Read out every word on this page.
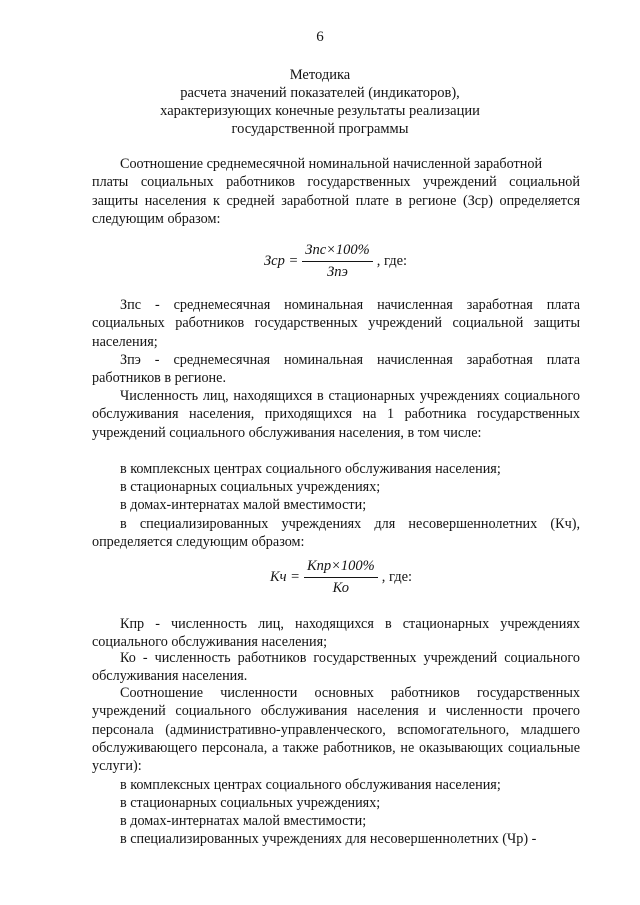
6
Методика
расчета значений показателей (индикаторов),
характеризующих конечные результаты реализации
государственной программы
Соотношение среднемесячной номинальной начисленной заработной
платы социальных работников государственных учреждений социальной защиты населения к средней заработной плате в регионе (Зср) определяется следующим образом:
Зср = $\frac{\text{Зпс×100\%}}{\text{Зпэ}}$ , где:
Зпс - среднемесячная номинальная начисленная заработная плата социальных работников государственных учреждений социальной защиты населения;
Зпэ - среднемесячная номинальная начисленная заработная плата работников в регионе.
Численность лиц, находящихся в стационарных учреждениях социального обслуживания населения, приходящихся на 1 работника государственных учреждений социального обслуживания населения, в том числе:
в комплексных центрах социального обслуживания населения;
в стационарных социальных учреждениях;
в домах-интернатах малой вместимости;
в специализированных учреждениях для несовершеннолетних (Кч), определяется следующим образом:
Кч = $\frac{\text{Кпр×100\%}}{Ко}$ , где:
Кпр - численность лиц, находящихся в стационарных учреждениях социального обслуживания населения;
Ко - численность работников государственных учреждений социального обслуживания населения.
Соотношение численности основных работников государственных учреждений социального обслуживания населения и численности прочего персонала (административно-управленческого, вспомогательного, младшего обслуживающего персонала, а также работников, не оказывающих социальные услуги):
в комплексных центрах социального обслуживания населения;
в стационарных социальных учреждениях;
в домах-интернатах малой вместимости;
в специализированных учреждениях для несовершеннолетних (Чр) -
